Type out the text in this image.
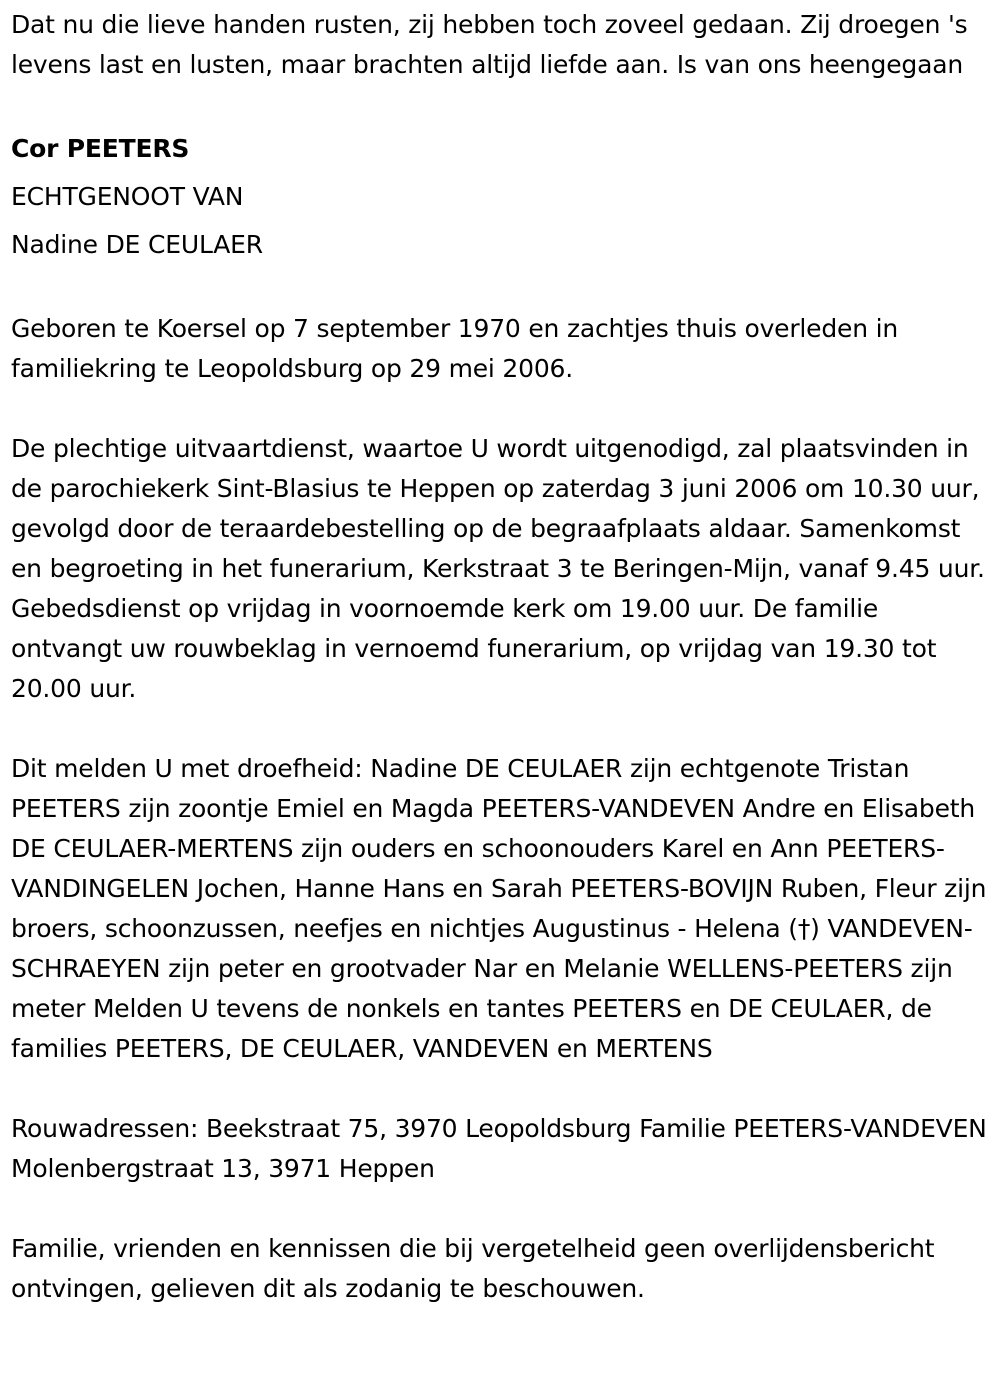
Dat nu die lieve handen rusten, zij hebben toch zoveel gedaan. Zij droegen 's levens last en lusten, maar brachten altijd liefde aan. Is van ons heengegaan

Cor PEETERS

ECHTGENOOT VAN

Nadine DE CEULAER

Geboren te Koersel op 7 september 1970 en zachtjes thuis overleden in familiekring te Leopoldsburg op 29 mei 2006.

De plechtige uitvaartdienst, waartoe U wordt uitgenodigd, zal plaatsvinden in de parochiekerk Sint-Blasius te Heppen op zaterdag 3 juni 2006 om 10.30 uur, gevolgd door de teraardebestelling op de begraafplaats aldaar. Samenkomst en begroeting in het funerarium, Kerkstraat 3 te Beringen-Mijn, vanaf 9.45 uur. Gebedsdienst op vrijdag in voornoemde kerk om 19.00 uur. De familie ontvangt uw rouwbeklag in vernoemd funerarium, op vrijdag van 19.30 tot 20.00 uur.

Dit melden U met droefheid: Nadine DE CEULAER zijn echtgenote Tristan PEETERS zijn zoontje Emiel en Magda PEETERS-VANDEVEN Andre en Elisabeth DE CEULAER-MERTENS zijn ouders en schoonouders Karel en Ann PEETERS-VANDINGELEN Jochen, Hanne Hans en Sarah PEETERS-BOVIJN Ruben, Fleur zijn broers, schoonzussen, neefjes en nichtjes Augustinus - Helena (†) VANDEVEN-SCHRAEYEN zijn peter en grootvader Nar en Melanie WELLENS-PEETERS zijn meter Melden U tevens de nonkels en tantes PEETERS en DE CEULAER, de families PEETERS, DE CEULAER, VANDEVEN en MERTENS

Rouwadressen: Beekstraat 75, 3970 Leopoldsburg Familie PEETERS-VANDEVEN Molenbergstraat 13, 3971 Heppen

Familie, vrienden en kennissen die bij vergetelheid geen overlijdensbericht ontvingen, gelieven dit als zodanig te beschouwen.
